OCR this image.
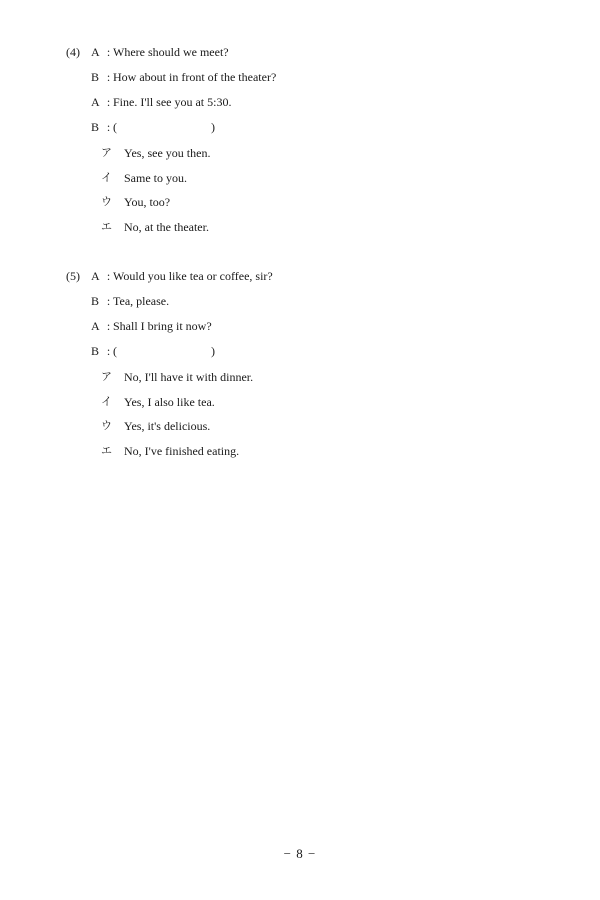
(4) A : Where should we meet?
B : How about in front of the theater?
A : Fine. I'll see you at 5:30.
B : (	)
ア Yes, see you then.
イ Same to you.
ウ You, too?
エ No, at the theater.
(5) A : Would you like tea or coffee, sir?
B : Tea, please.
A : Shall I bring it now?
B : (	)
ア No, I'll have it with dinner.
イ Yes, I also like tea.
ウ Yes, it's delicious.
エ No, I've finished eating.
− 8 −
